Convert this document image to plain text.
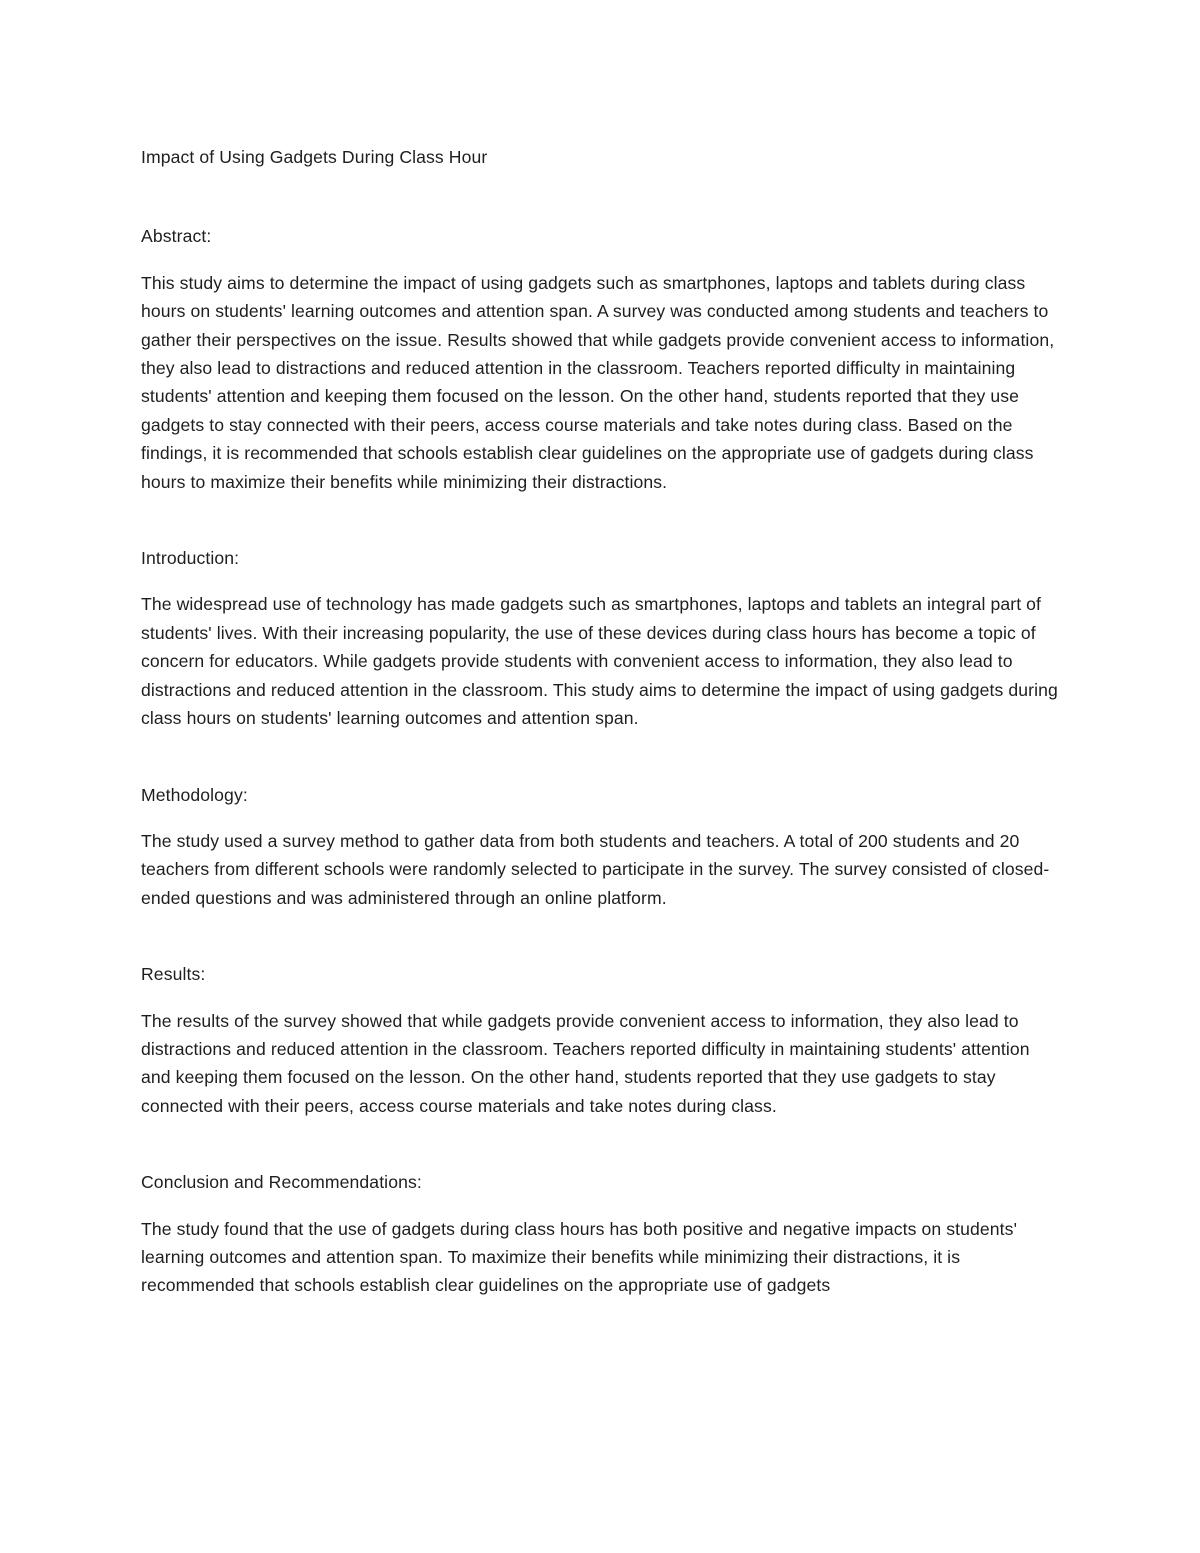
Impact of Using Gadgets During Class Hour
Abstract:

This study aims to determine the impact of using gadgets such as smartphones, laptops and tablets during class hours on students' learning outcomes and attention span. A survey was conducted among students and teachers to gather their perspectives on the issue. Results showed that while gadgets provide convenient access to information, they also lead to distractions and reduced attention in the classroom. Teachers reported difficulty in maintaining students' attention and keeping them focused on the lesson. On the other hand, students reported that they use gadgets to stay connected with their peers, access course materials and take notes during class. Based on the findings, it is recommended that schools establish clear guidelines on the appropriate use of gadgets during class hours to maximize their benefits while minimizing their distractions.

Introduction:

The widespread use of technology has made gadgets such as smartphones, laptops and tablets an integral part of students' lives. With their increasing popularity, the use of these devices during class hours has become a topic of concern for educators. While gadgets provide students with convenient access to information, they also lead to distractions and reduced attention in the classroom. This study aims to determine the impact of using gadgets during class hours on students' learning outcomes and attention span.

Methodology:

The study used a survey method to gather data from both students and teachers. A total of 200 students and 20 teachers from different schools were randomly selected to participate in the survey. The survey consisted of closed-ended questions and was administered through an online platform.

Results:

The results of the survey showed that while gadgets provide convenient access to information, they also lead to distractions and reduced attention in the classroom. Teachers reported difficulty in maintaining students' attention and keeping them focused on the lesson. On the other hand, students reported that they use gadgets to stay connected with their peers, access course materials and take notes during class.

Conclusion and Recommendations:

The study found that the use of gadgets during class hours has both positive and negative impacts on students' learning outcomes and attention span. To maximize their benefits while minimizing their distractions, it is recommended that schools establish clear guidelines on the appropriate use of gadgets
